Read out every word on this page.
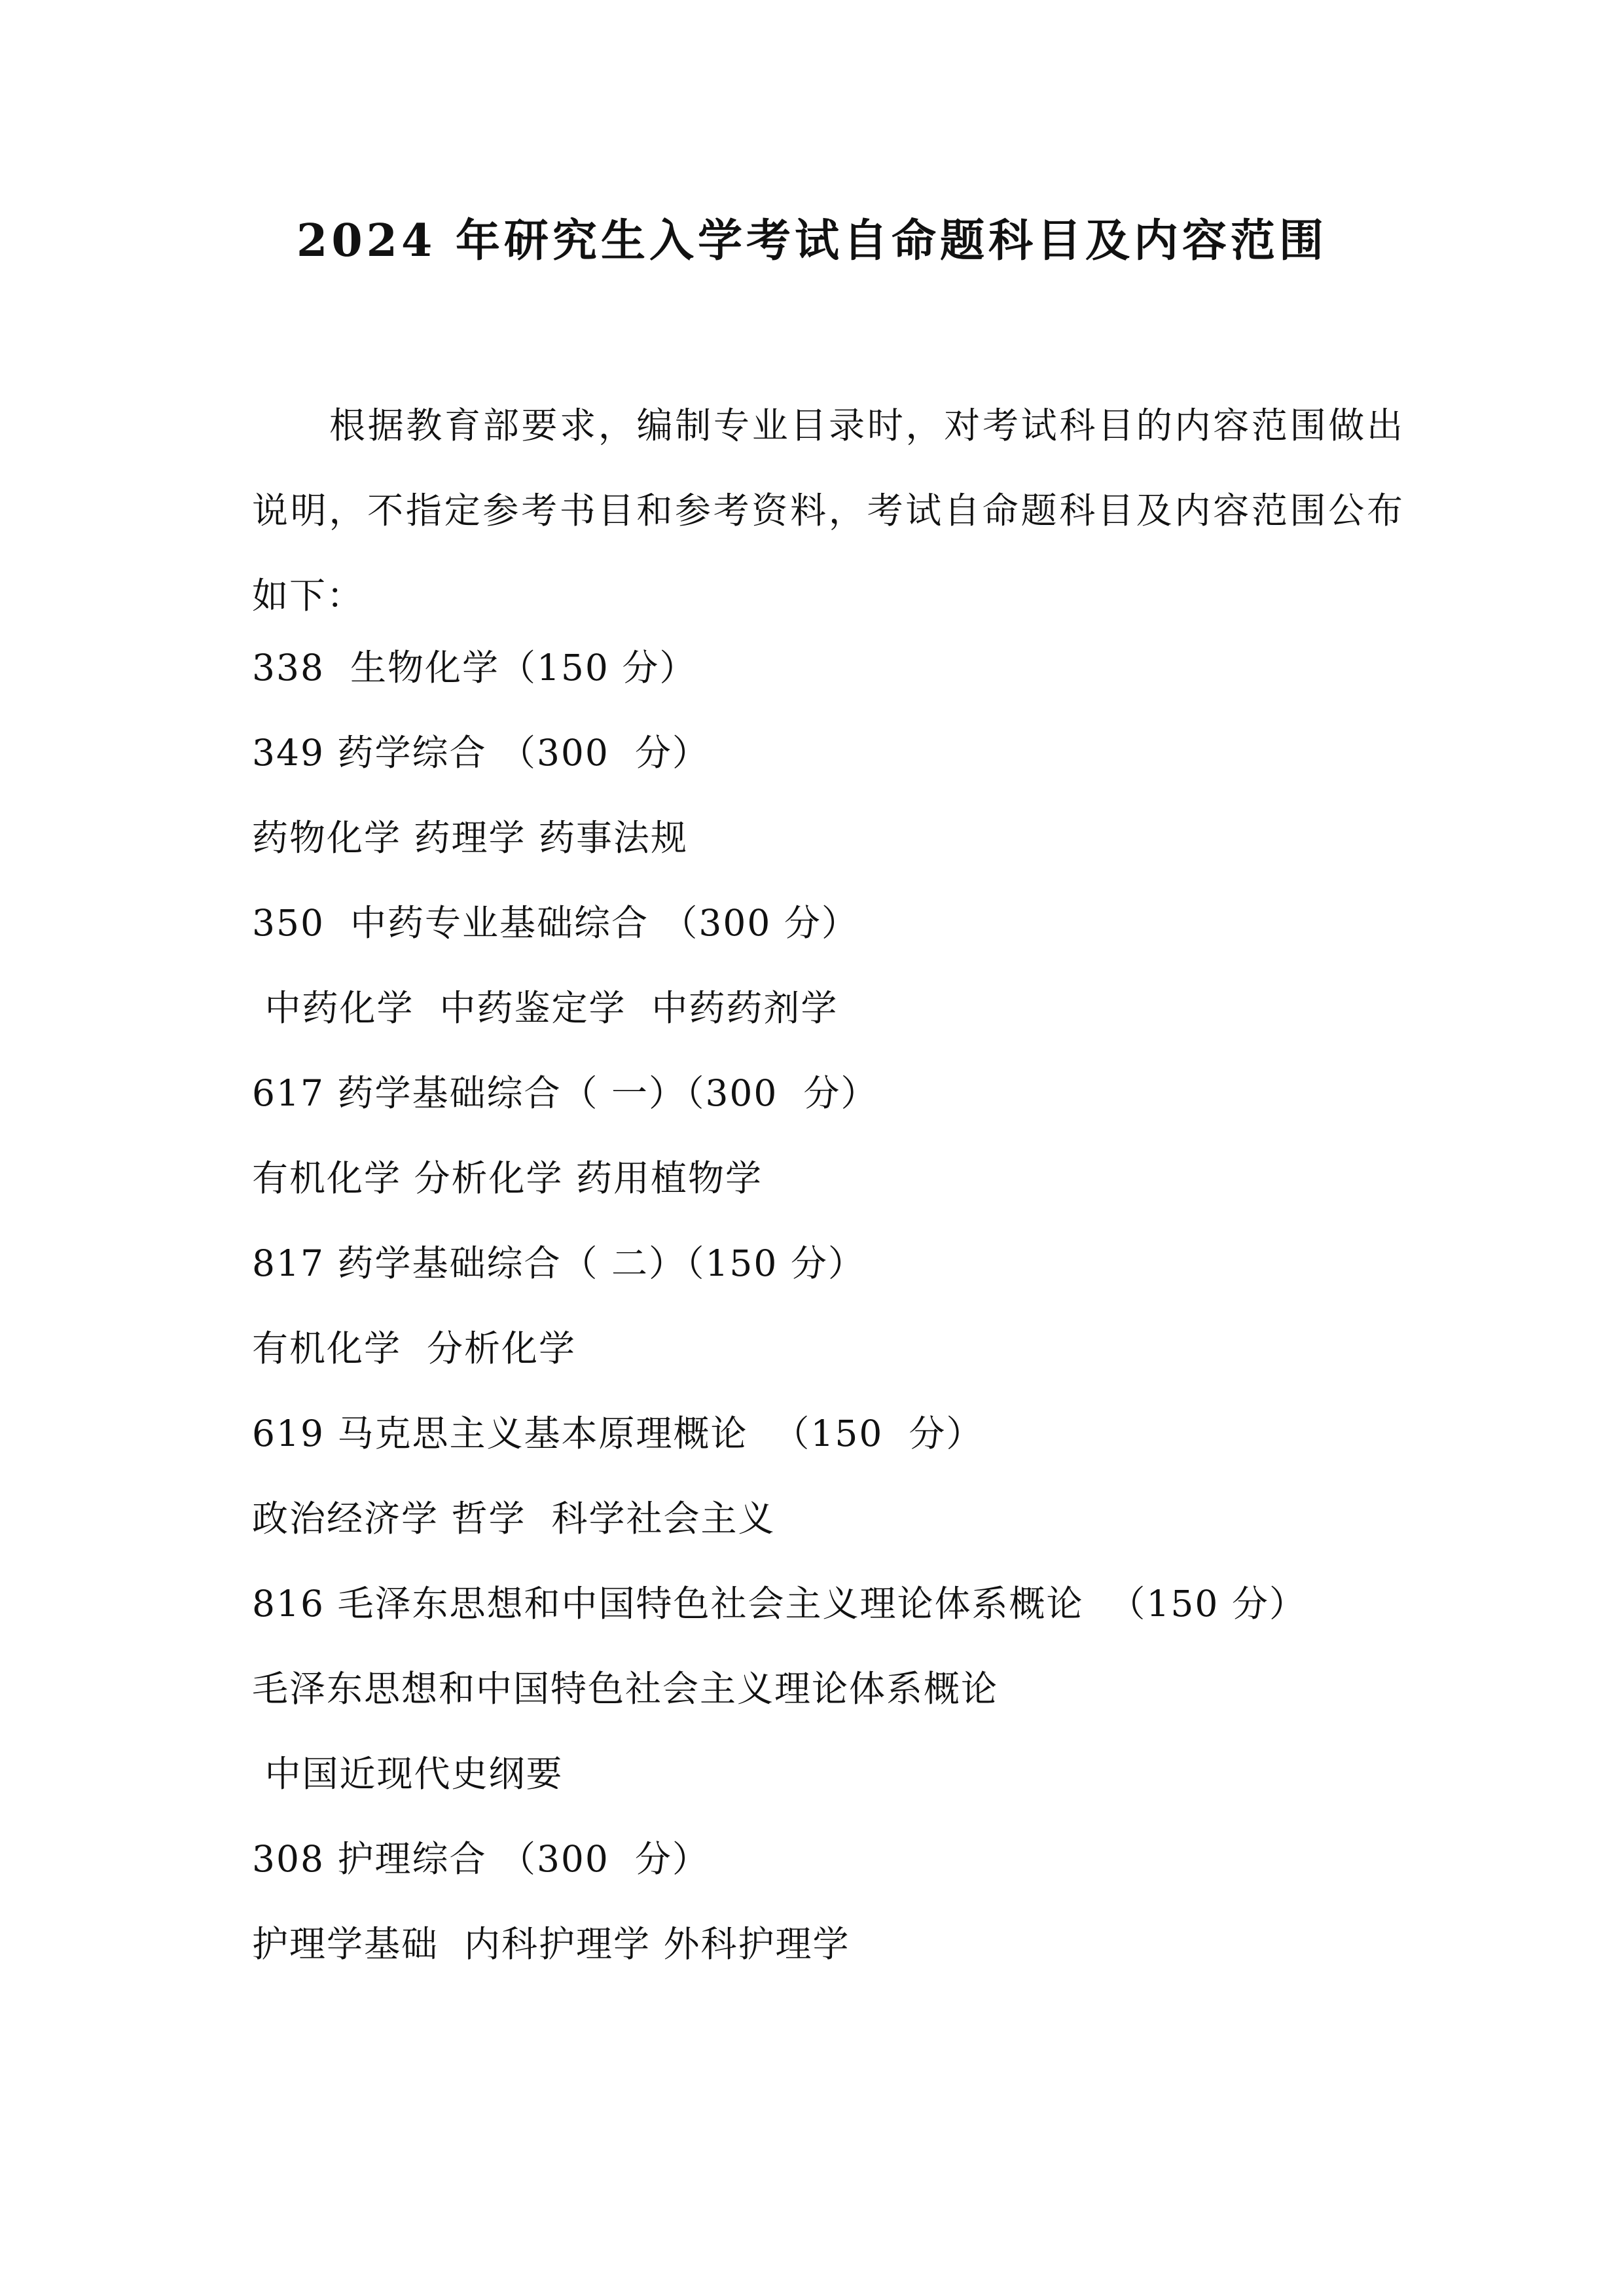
2024 年研究生入学考试自命题科目及内容范围

根据教育部要求，编制专业目录时，对考试科目的内容范围做出说明，不指定参考书目和参考资料，考试自命题科目及内容范围公布如下：

338  生物化学（150 分）

349 药学综合 （300  分）

药物化学 药理学 药事法规

350  中药专业基础综合 （300 分）

中药化学  中药鉴定学  中药药剂学

617 药学基础综合（ 一）（300  分）

有机化学 分析化学 药用植物学

817 药学基础综合（ 二）（150 分）

有机化学  分析化学

619 马克思主义基本原理概论  （150  分）

政治经济学 哲学  科学社会主义

816 毛泽东思想和中国特色社会主义理论体系概论  （150 分）

毛泽东思想和中国特色社会主义理论体系概论

中国近现代史纲要

308 护理综合 （300  分）

护理学基础  内科护理学 外科护理学
